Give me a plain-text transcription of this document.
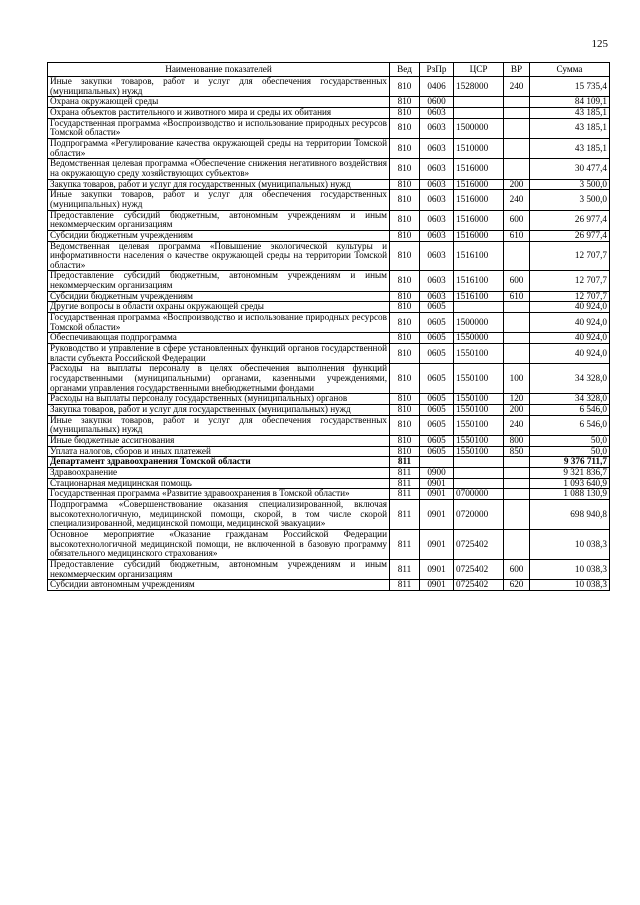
125
Наименование показателей	Вед	РзПр	ЦСР	ВР	Сумма
Иные закупки товаров, работ и услуг для обеспечения государственных (муниципальных) нужд	810	0406	1528000	240	15 735,4
Охрана окружающей среды	810	0600			84 109,1
Охрана объектов растительного и животного мира и среды их обитания	810	0603			43 185,1
Государственная программа «Воспроизводство и использование природных ресурсов Томской области»	810	0603	1500000		43 185,1
Подпрограмма «Регулирование качества окружающей среды на территории Томской области»	810	0603	1510000		43 185,1
Ведомственная целевая программа «Обеспечение снижения негативного воздействия на окружающую среду хозяйствующих субъектов»	810	0603	1516000		30 477,4
Закупка товаров, работ и услуг для государственных (муниципальных) нужд	810	0603	1516000	200	3 500,0
Иные закупки товаров, работ и услуг для обеспечения государственных (муниципальных) нужд	810	0603	1516000	240	3 500,0
Предоставление субсидий бюджетным, автономным учреждениям и иным некоммерческим организациям	810	0603	1516000	600	26 977,4
Субсидии бюджетным учреждениям	810	0603	1516000	610	26 977,4
Ведомственная целевая программа «Повышение экологической культуры и информативности населения о качестве окружающей среды на территории Томской области»	810	0603	1516100		12 707,7
Предоставление субсидий бюджетным, автономным учреждениям и иным некоммерческим организациям	810	0603	1516100	600	12 707,7
Субсидии бюджетным учреждениям	810	0603	1516100	610	12 707,7
Другие вопросы в области охраны окружающей среды	810	0605			40 924,0
Государственная программа «Воспроизводство и использование природных ресурсов Томской области»	810	0605	1500000		40 924,0
Обеспечивающая подпрограмма	810	0605	1550000		40 924,0
Руководство и управление в сфере установленных функций органов государственной власти субъекта Российской Федерации	810	0605	1550100		40 924,0
Расходы на выплаты персоналу в целях обеспечения выполнения функций государственными (муниципальными) органами, казенными учреждениями, органами управления государственными внебюджетными фондами	810	0605	1550100	100	34 328,0
Расходы на выплаты персоналу государственных (муниципальных) органов	810	0605	1550100	120	34 328,0
Закупка товаров, работ и услуг для государственных (муниципальных) нужд	810	0605	1550100	200	6 546,0
Иные закупки товаров, работ и услуг для обеспечения государственных (муниципальных) нужд	810	0605	1550100	240	6 546,0
Иные бюджетные ассигнования	810	0605	1550100	800	50,0
Уплата налогов, сборов и иных платежей	810	0605	1550100	850	50,0
Департамент здравоохранения Томской области	811				9 376 711,7
Здравоохранение	811	0900			9 321 836,7
Стационарная медицинская помощь	811	0901			1 093 640,9
Государственная программа «Развитие здравоохранения в Томской области»	811	0901	0700000		1 088 130,9
Подпрограмма «Совершенствование оказания специализированной, включая высокотехнологичную, медицинской помощи, скорой, в том числе скорой специализированной, медицинской помощи, медицинской эвакуации»	811	0901	0720000		698 940,8
Основное мероприятие «Оказание гражданам Российской Федерации высокотехнологичной медицинской помощи, не включенной в базовую программу обязательного медицинского страхования»	811	0901	0725402		10 038,3
Предоставление субсидий бюджетным, автономным учреждениям и иным некоммерческим организациям	811	0901	0725402	600	10 038,3
Субсидии автономным учреждениям	811	0901	0725402	620	10 038,3
